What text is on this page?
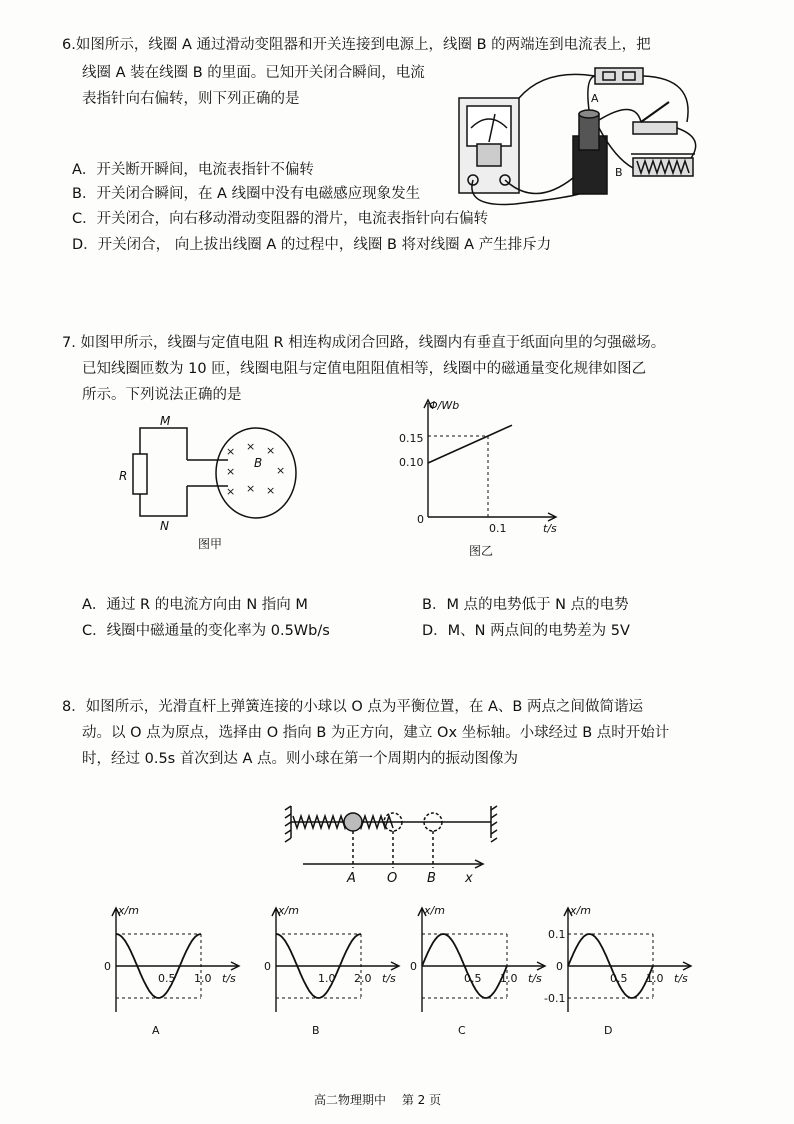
6.如图所示，线圈 A 通过滑动变阻器和开关连接到电源上，线圈 B 的两端连到电流表上，把
线圈 A 装在线圈 B 的里面。已知开关闭合瞬间，电流
表指针向右偏转，则下列正确的是
A．开关断开瞬间，电流表指针不偏转
B．开关闭合瞬间，在 A 线圈中没有电磁感应现象发生
C．开关闭合，向右移动滑动变阻器的滑片，电流表指针向右偏转
D．开关闭合， 向上拔出线圈 A 的过程中，线圈 B 将对线圈 A 产生排斥力
A
B
7. 如图甲所示，线圈与定值电阻 R 相连构成闭合回路，线圈内有垂直于纸面向里的匀强磁场。
已知线圈匝数为 10 匝，线圈电阻与定值电阻阻值相等，线圈中的磁通量变化规律如图乙
所示。下列说法正确的是
× × ×
×	×
× × ×
M
N
R
B
图甲
Φ/Wb
t/s
0.15
0.10
0.1
0
图乙
A．通过 R 的电流方向由 N 指向 M	B．M 点的电势低于 N 点的电势
C．线圈中磁通量的变化率为 0.5Wb/s	D．M、N 两点间的电势差为 5V
8．如图所示，光滑直杆上弹簧连接的小球以 O 点为平衡位置，在 A、B 两点之间做简谐运
动。以 O 点为原点，选择由 O 指向 B 为正方向，建立 Ox 坐标轴。小球经过 B 点时开始计
时，经过 0.5s 首次到达 A 点。则小球在第一个周期内的振动图像为
A O B x
x/m
t/s
0
0.5 1.0
A
x/m
t/s
0
1.0 2.0
B
x/m
t/s
0
0.5 1.0
C
x/m
t/s
0
0.5 1.0
0.1
-0.1
D
高二物理期中　 第 2 页
